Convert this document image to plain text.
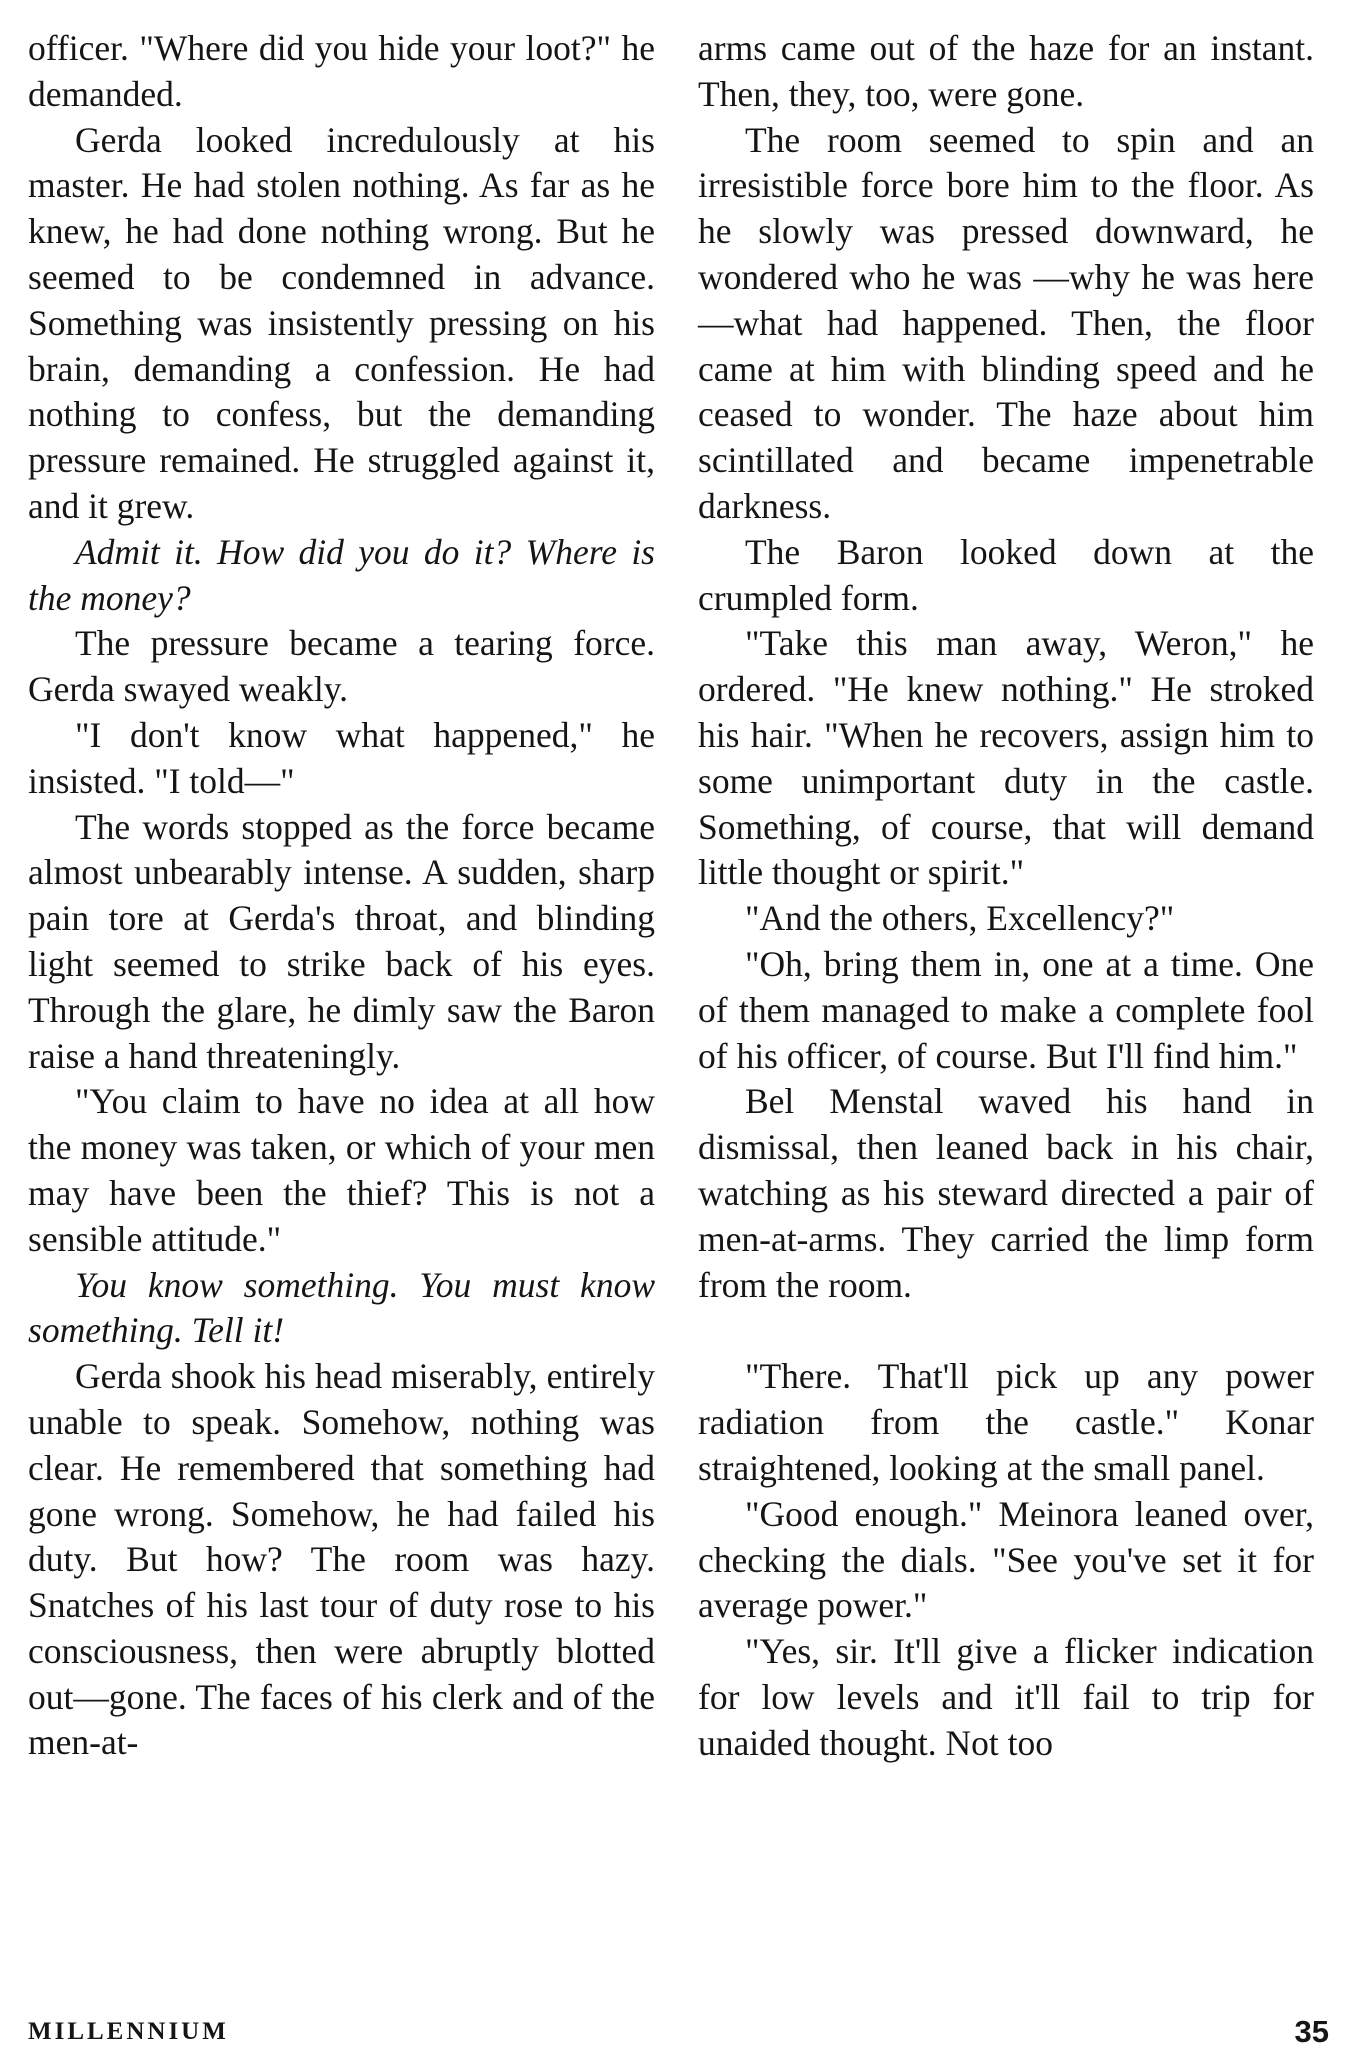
officer. "Where did you hide your loot?" he demanded.

Gerda looked incredulously at his master. He had stolen nothing. As far as he knew, he had done nothing wrong. But he seemed to be condemned in advance. Something was insistently pressing on his brain, demanding a confession. He had nothing to confess, but the demanding pressure remained. He struggled against it, and it grew.

Admit it. How did you do it? Where is the money?

The pressure became a tearing force. Gerda swayed weakly.

"I don't know what happened," he insisted. "I told—"

The words stopped as the force became almost unbearably intense. A sudden, sharp pain tore at Gerda's throat, and blinding light seemed to strike back of his eyes. Through the glare, he dimly saw the Baron raise a hand threateningly.

"You claim to have no idea at all how the money was taken, or which of your men may have been the thief? This is not a sensible attitude."

You know something. You must know something. Tell it!

Gerda shook his head miserably, entirely unable to speak. Somehow, nothing was clear. He remembered that something had gone wrong. Somehow, he had failed his duty. But how? The room was hazy. Snatches of his last tour of duty rose to his consciousness, then were abruptly blotted out—gone. The faces of his clerk and of the men-at-

arms came out of the haze for an instant. Then, they, too, were gone.

The room seemed to spin and an irresistible force bore him to the floor. As he slowly was pressed downward, he wondered who he was —why he was here—what had happened. Then, the floor came at him with blinding speed and he ceased to wonder. The haze about him scintillated and became impenetrable darkness.

The Baron looked down at the crumpled form.

"Take this man away, Weron," he ordered. "He knew nothing." He stroked his hair. "When he recovers, assign him to some unimportant duty in the castle. Something, of course, that will demand little thought or spirit."

"And the others, Excellency?"

"Oh, bring them in, one at a time. One of them managed to make a complete fool of his officer, of course. But I'll find him."

Bel Menstal waved his hand in dismissal, then leaned back in his chair, watching as his steward directed a pair of men-at-arms. They carried the limp form from the room.

"There. That'll pick up any power radiation from the castle." Konar straightened, looking at the small panel.

"Good enough." Meinora leaned over, checking the dials. "See you've set it for average power."

"Yes, sir. It'll give a flicker indication for low levels and it'll fail to trip for unaided thought. Not too

MILLENNIUM	35
